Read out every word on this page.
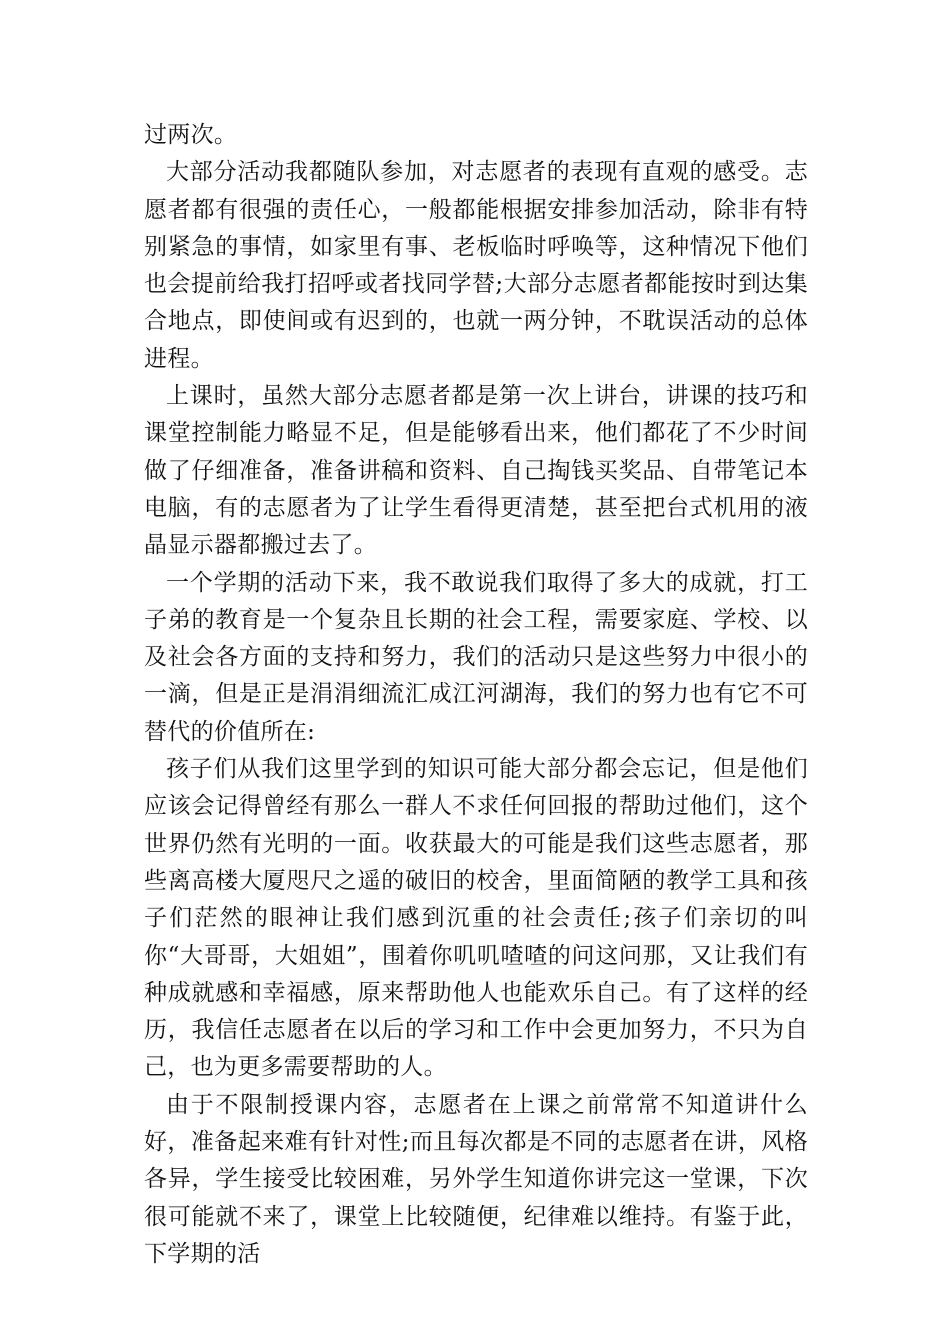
过两次。

大部分活动我都随队参加，对志愿者的表现有直观的感受。志愿者都有很强的责任心，一般都能根据安排参加活动，除非有特别紧急的事情，如家里有事、老板临时呼唤等，这种情况下他们也会提前给我打招呼或者找同学替;大部分志愿者都能按时到达集合地点，即使间或有迟到的，也就一两分钟，不耽误活动的总体进程。

上课时，虽然大部分志愿者都是第一次上讲台，讲课的技巧和课堂控制能力略显不足，但是能够看出来，他们都花了不少时间做了仔细准备，准备讲稿和资料、自己掏钱买奖品、自带笔记本电脑，有的志愿者为了让学生看得更清楚，甚至把台式机用的液晶显示器都搬过去了。

一个学期的活动下来，我不敢说我们取得了多大的成就，打工子弟的教育是一个复杂且长期的社会工程，需要家庭、学校、以及社会各方面的支持和努力，我们的活动只是这些努力中很小的一滴，但是正是涓涓细流汇成江河湖海，我们的努力也有它不可替代的价值所在:

孩子们从我们这里学到的知识可能大部分都会忘记，但是他们应该会记得曾经有那么一群人不求任何回报的帮助过他们，这个世界仍然有光明的一面。收获最大的可能是我们这些志愿者，那些离高楼大厦咫尺之遥的破旧的校舍，里面简陋的教学工具和孩子们茫然的眼神让我们感到沉重的社会责任;孩子们亲切的叫你“大哥哥，大姐姐”，围着你叽叽喳喳的问这问那，又让我们有种成就感和幸福感，原来帮助他人也能欢乐自己。有了这样的经历，我信任志愿者在以后的学习和工作中会更加努力，不只为自己，也为更多需要帮助的人。

由于不限制授课内容，志愿者在上课之前常常不知道讲什么好，准备起来难有针对性;而且每次都是不同的志愿者在讲，风格各异，学生接受比较困难，另外学生知道你讲完这一堂课，下次很可能就不来了，课堂上比较随便，纪律难以维持。有鉴于此，下学期的活
